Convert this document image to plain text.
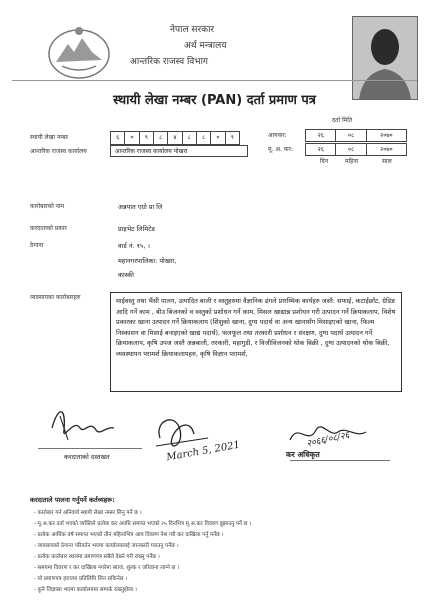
नेपाल सरकार
अर्थ मन्त्रालय
आन्तरिक राजस्व विभाग
स्थायी लेखा नम्बर (PAN) दर्ता प्रमाण पत्र
दर्ता मिति
आयकर:	२६	०८	२०७०
मू. अ. कर:	२६	०८	२०७०
दिन	महिना	साल
स्थायी लेखा नम्बर	६	०	९	८	४	८	८	०	९
आन्तरिक राजस्व कार्यालय	आन्तरिक राजस्व कार्यालय पोखरा
कारोबारको नाम	अन्नपात एग्रो प्रा लि
करदाताको प्रकार	प्राइभेट लिमिटेड
ठेगाना	वार्ड नं. १५, ।
महानगरपालिका: पोखरा,
कास्की
व्यवसायका कारोबारहरु	माईवस्तु तथा भैंसी पालन, उत्पादित बाली र वस्तुहरुमा वैज्ञानिक ढंगले प्रारम्भिक कार्यहरु जस्तै: सफाई, कटाईछाँट, ग्रेडिङ आदि गर्ने काम , बीउ बिजनको व वस्तुको प्रशोधन गर्ने काम, मिसल खाद्यान्न प्रशोधन गरी उत्पादन गर्ने क्रियाकलाप, विशेष प्रकारका खाना उत्पादन गर्ने क्रियाकलाप (शिशुको खाना, दुग्ध पदार्थ वा अन्य खानासँग मिसाइएको खाना, फिल्म निस्कासन वा मिसाई बनाइएको खाद्य पदार्थ), फलफूल तथा तरकारी प्रशोधन र संरक्षण, दुग्ध पदार्थ उत्पादन गर्ने क्रियाकलाप, कृषि उपज जस्तै अन्नबाली, तरकारी, महागुडी, र विजीविजनको थोक बिक्री , दुग्ध उत्पादनको थोक बिक्री, व्यवस्थापन परामर्श क्रियाकलापहरु, कृषि विज्ञान परामर्श,
करदाताको दस्तखत	March 5, 2021	२०६६/०८/२६
कर अधिकृत
करदाताले पालना गर्नुपर्ने कर्तव्यहरू:
- कारोबार गर्न अनिवार्य स्थायी लेखा नम्बर लिनु पर्ने छ ।
- मू.अ.कर दर्ता भएको व्यक्तिले प्रत्येक कर अवधि समाप्त भएको २५ दिनभित्र मू.अ.कर विवरण बुझाउनु पर्ने छ ।
- प्रत्येक आर्थिक वर्ष समाप्त भएको तीन महिनाभित्र आय विवरण पेश गरी कर दाखिला गर्नु पर्नेछ ।
- व्यवसायको ठेगाना परिवर्तन भएमा कार्यालयलाई जानकारी गराउनु पर्नेछ ।
- प्रत्येक कारोबार स्थलमा प्रमाणपत्र सबैले देख्ने गरी राख्नु पर्नेछ ।
- समयमा विवरण र कर दाखिला नगरेमा ब्याज, शुल्क र जरिवाना लाग्ने छ ।
- यो प्रमाणपत्र हराएमा प्रतिलिपि लिन सकिनेछ ।
- कुनै जिज्ञासा भएमा कार्यालयमा सम्पर्क राख्नुहोला ।
